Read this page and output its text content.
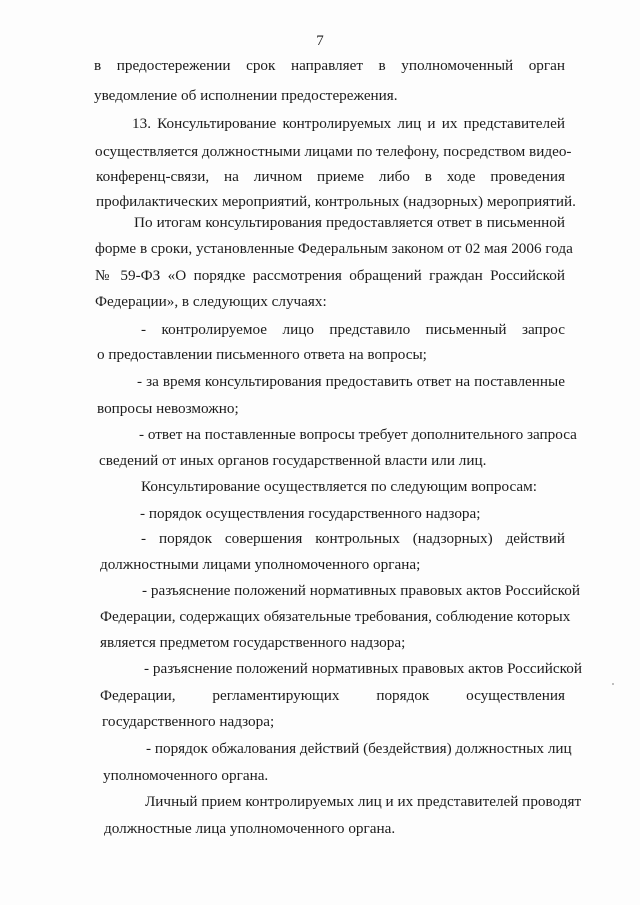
7
в предостережении срок направляет в уполномоченный орган
уведомление об исполнении предостережения.
13. Консультирование контролируемых лиц и их представителей
осуществляется должностными лицами по телефону, посредством видео-
конференц-связи, на личном приеме либо в ходе проведения
профилактических мероприятий, контрольных (надзорных) мероприятий.
По итогам консультирования предоставляется ответ в письменной
форме в сроки, установленные Федеральным законом от 02 мая 2006 года
№ 59-ФЗ «О порядке рассмотрения обращений граждан Российской
Федерации», в следующих случаях:
- контролируемое лицо представило письменный запрос
о предоставлении письменного ответа на вопросы;
- за время консультирования предоставить ответ на поставленные
вопросы невозможно;
- ответ на поставленные вопросы требует дополнительного запроса
сведений от иных органов государственной власти или лиц.
Консультирование осуществляется по следующим вопросам:
- порядок осуществления государственного надзора;
- порядок совершения контрольных (надзорных) действий
должностными лицами уполномоченного органа;
- разъяснение положений нормативных правовых актов Российской
Федерации, содержащих обязательные требования, соблюдение которых
является предметом государственного надзора;
- разъяснение положений нормативных правовых актов Российской
Федерации, регламентирующих порядок осуществления
государственного надзора;
- порядок обжалования действий (бездействия) должностных лиц
уполномоченного органа.
Личный прием контролируемых лиц и их представителей проводят
должностные лица уполномоченного органа.
